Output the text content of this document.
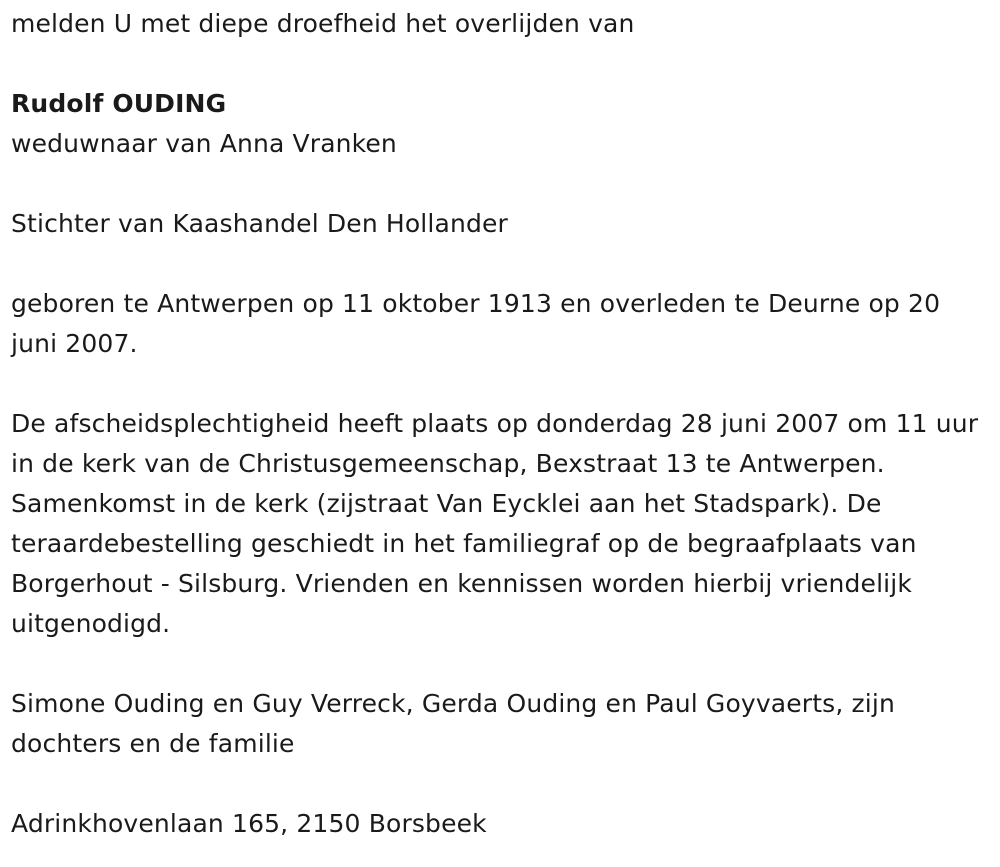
melden U met diepe droefheid het overlijden van

Rudolf OUDING

weduwnaar van Anna Vranken

Stichter van Kaashandel Den Hollander

geboren te Antwerpen op 11 oktober 1913 en overleden te Deurne op 20 juni 2007.

De afscheidsplechtigheid heeft plaats op donderdag 28 juni 2007 om 11 uur in de kerk van de Christusgemeenschap, Bexstraat 13 te Antwerpen. Samenkomst in de kerk (zijstraat Van Eycklei aan het Stadspark). De teraardebestelling geschiedt in het familiegraf op de begraafplaats van Borgerhout - Silsburg. Vrienden en kennissen worden hierbij vriendelijk uitgenodigd.

Simone Ouding en Guy Verreck, Gerda Ouding en Paul Goyvaerts, zijn dochters en de familie

Adrinkhovenlaan 165, 2150 Borsbeek
